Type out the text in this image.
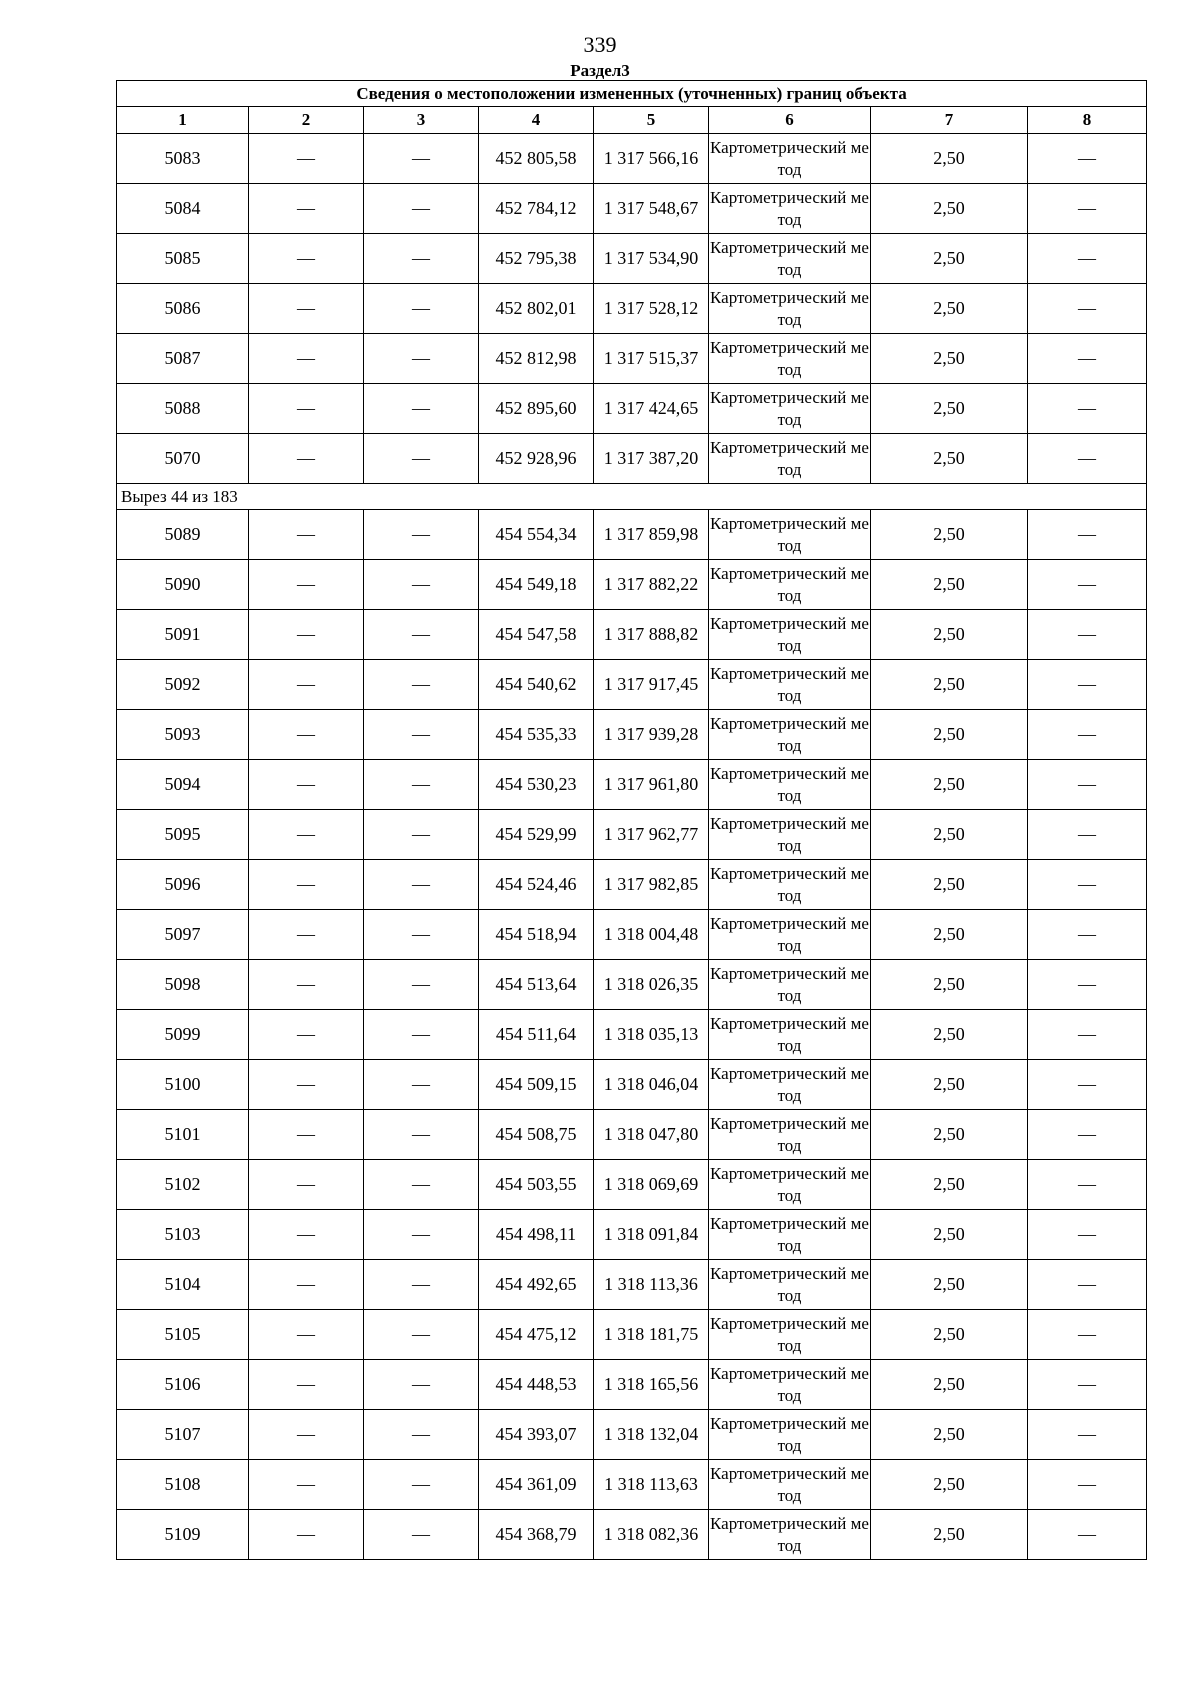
339
Раздел3
Сведения о местоположении измененных (уточненных) границ объекта							
1	2	3	4	5	6	7	8
5083	—	—	452 805,58	1 317 566,16	Картометрический метод	2,50	—
5084	—	—	452 784,12	1 317 548,67	Картометрический метод	2,50	—
5085	—	—	452 795,38	1 317 534,90	Картометрический метод	2,50	—
5086	—	—	452 802,01	1 317 528,12	Картометрический метод	2,50	—
5087	—	—	452 812,98	1 317 515,37	Картометрический метод	2,50	—
5088	—	—	452 895,60	1 317 424,65	Картометрический метод	2,50	—
5070	—	—	452 928,96	1 317 387,20	Картометрический метод	2,50	—
Вырез 44 из 183							
5089	—	—	454 554,34	1 317 859,98	Картометрический метод	2,50	—
5090	—	—	454 549,18	1 317 882,22	Картометрический метод	2,50	—
5091	—	—	454 547,58	1 317 888,82	Картометрический метод	2,50	—
5092	—	—	454 540,62	1 317 917,45	Картометрический метод	2,50	—
5093	—	—	454 535,33	1 317 939,28	Картометрический метод	2,50	—
5094	—	—	454 530,23	1 317 961,80	Картометрический метод	2,50	—
5095	—	—	454 529,99	1 317 962,77	Картометрический метод	2,50	—
5096	—	—	454 524,46	1 317 982,85	Картометрический метод	2,50	—
5097	—	—	454 518,94	1 318 004,48	Картометрический метод	2,50	—
5098	—	—	454 513,64	1 318 026,35	Картометрический метод	2,50	—
5099	—	—	454 511,64	1 318 035,13	Картометрический метод	2,50	—
5100	—	—	454 509,15	1 318 046,04	Картометрический метод	2,50	—
5101	—	—	454 508,75	1 318 047,80	Картометрический метод	2,50	—
5102	—	—	454 503,55	1 318 069,69	Картометрический метод	2,50	—
5103	—	—	454 498,11	1 318 091,84	Картометрический метод	2,50	—
5104	—	—	454 492,65	1 318 113,36	Картометрический метод	2,50	—
5105	—	—	454 475,12	1 318 181,75	Картометрический метод	2,50	—
5106	—	—	454 448,53	1 318 165,56	Картометрический метод	2,50	—
5107	—	—	454 393,07	1 318 132,04	Картометрический метод	2,50	—
5108	—	—	454 361,09	1 318 113,63	Картометрический метод	2,50	—
5109	—	—	454 368,79	1 318 082,36	Картометрический метод	2,50	—
